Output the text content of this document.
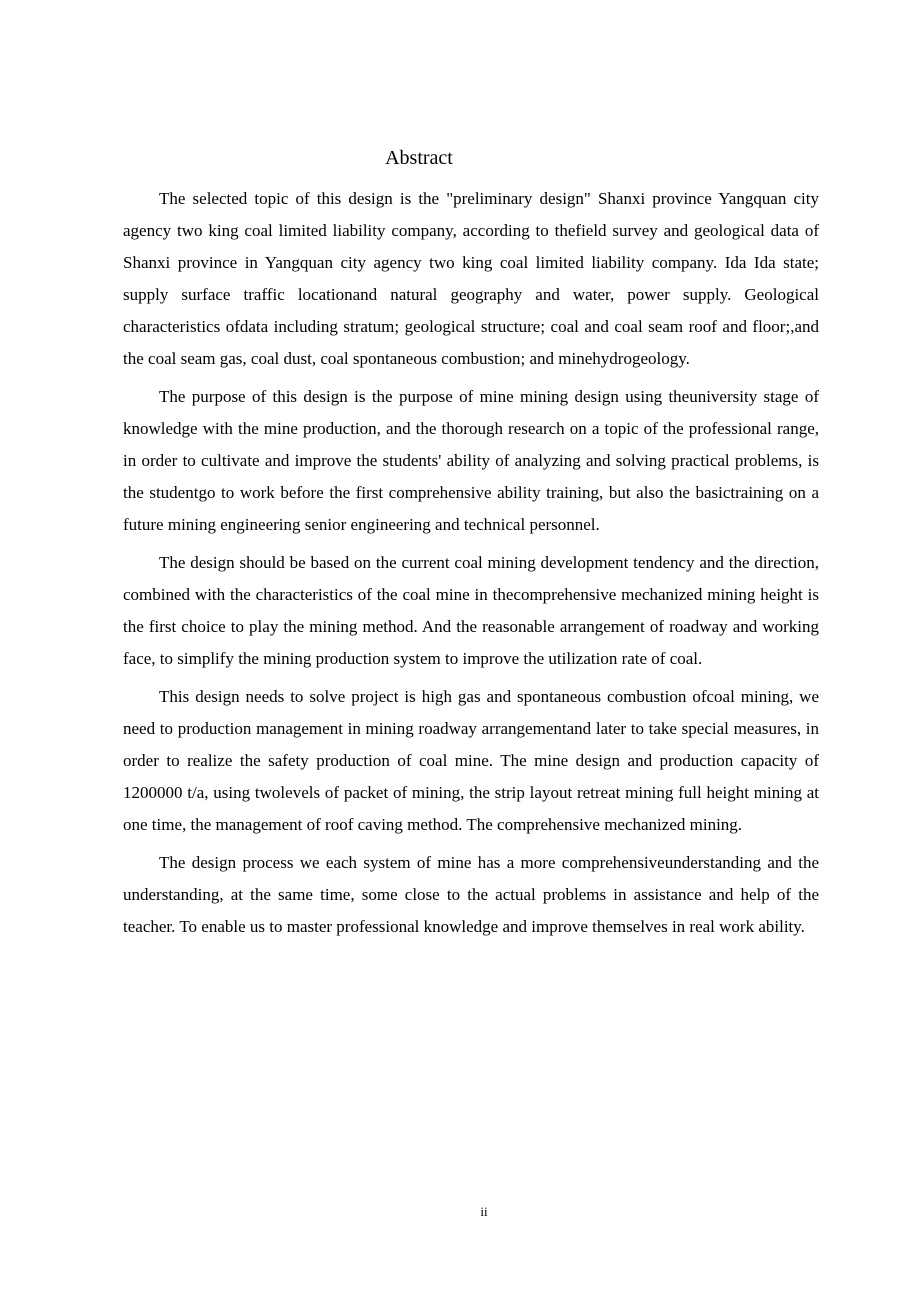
Abstract

The selected topic of this design is the "preliminary design" Shanxi province Yangquan city agency two king coal limited liability company, according to thefield survey and geological data of Shanxi province in Yangquan city agency two king coal limited liability company. Ida Ida state; supply surface traffic locationand natural geography and water, power supply. Geological characteristics ofdata including stratum; geological structure; coal and coal seam roof and floor;,and the coal seam gas, coal dust, coal spontaneous combustion; and minehydrogeology.

The purpose of this design is the purpose of mine mining design using theuniversity stage of knowledge with the mine production, and the thorough research on a topic of the professional range, in order to cultivate and improve the students' ability of analyzing and solving practical problems, is the studentgo to work before the first comprehensive ability training, but also the basictraining on a future mining engineering senior engineering and technical personnel.

The design should be based on the current coal mining development tendency and the direction, combined with the characteristics of the coal mine in thecomprehensive mechanized mining height is the first choice to play the mining method. And the reasonable arrangement of roadway and working face, to simplify the mining production system to improve the utilization rate of coal.

This design needs to solve project is high gas and spontaneous combustion ofcoal mining, we need to production management in mining roadway arrangementand later to take special measures, in order to realize the safety production of coal mine. The mine design and production capacity of 1200000 t/a, using twolevels of packet of mining, the strip layout retreat mining full height mining at one time, the management of roof caving method. The comprehensive mechanized mining.

The design process we each system of mine has a more comprehensiveunderstanding and the understanding, at the same time, some close to the actual problems in assistance and help of the teacher. To enable us to master professional knowledge and improve themselves in real work ability.

ii
